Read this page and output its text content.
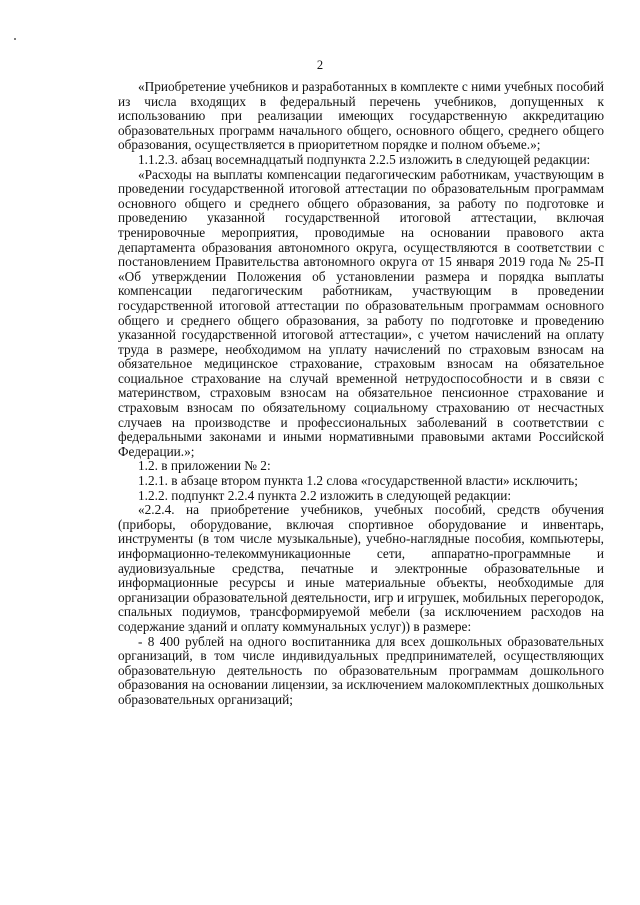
2

«Приобретение учебников и разработанных в комплекте с ними учебных пособий из числа входящих в федеральный перечень учебников, допущенных к использованию при реализации имеющих государственную аккредитацию образовательных программ начального общего, основного общего, среднего общего образования, осуществляется в приоритетном порядке и полном объеме.»;

1.1.2.3. абзац восемнадцатый подпункта 2.2.5 изложить в следующей редакции:

«Расходы на выплаты компенсации педагогическим работникам, участвующим в проведении государственной итоговой аттестации по образовательным программам основного общего и среднего общего образования, за работу по подготовке и проведению указанной государственной итоговой аттестации, включая тренировочные мероприятия, проводимые на основании правового акта департамента образования автономного округа, осуществляются в соответствии с постановлением Правительства автономного округа от 15 января 2019 года № 25-П «Об утверждении Положения об установлении размера и порядка выплаты компенсации педагогическим работникам, участвующим в проведении государственной итоговой аттестации по образовательным программам основного общего и среднего общего образования, за работу по подготовке и проведению указанной государственной итоговой аттестации», с учетом начислений на оплату труда в размере, необходимом на уплату начислений по страховым взносам на обязательное медицинское страхование, страховым взносам на обязательное социальное страхование на случай временной нетрудоспособности и в связи с материнством, страховым взносам на обязательное пенсионное страхование и страховым взносам по обязательному социальному страхованию от несчастных случаев на производстве и профессиональных заболеваний в соответствии с федеральными законами и иными нормативными правовыми актами Российской Федерации.»;

1.2. в приложении № 2:

1.2.1. в абзаце втором пункта 1.2 слова «государственной власти» исключить;

1.2.2. подпункт 2.2.4 пункта 2.2 изложить в следующей редакции:

«2.2.4. на приобретение учебников, учебных пособий, средств обучения (приборы, оборудование, включая спортивное оборудование и инвентарь, инструменты (в том числе музыкальные), учебно-наглядные пособия, компьютеры, информационно-телекоммуникационные сети, аппаратно-программные и аудиовизуальные средства, печатные и электронные образовательные и информационные ресурсы и иные материальные объекты, необходимые для организации образовательной деятельности, игр и игрушек, мобильных перегородок, спальных подиумов, трансформируемой мебели (за исключением расходов на содержание зданий и оплату коммунальных услуг)) в размере:

- 8 400 рублей на одного воспитанника для всех дошкольных образовательных организаций, в том числе индивидуальных предпринимателей, осуществляющих образовательную деятельность по образовательным программам дошкольного образования на основании лицензии, за исключением малокомплектных дошкольных образовательных организаций;
